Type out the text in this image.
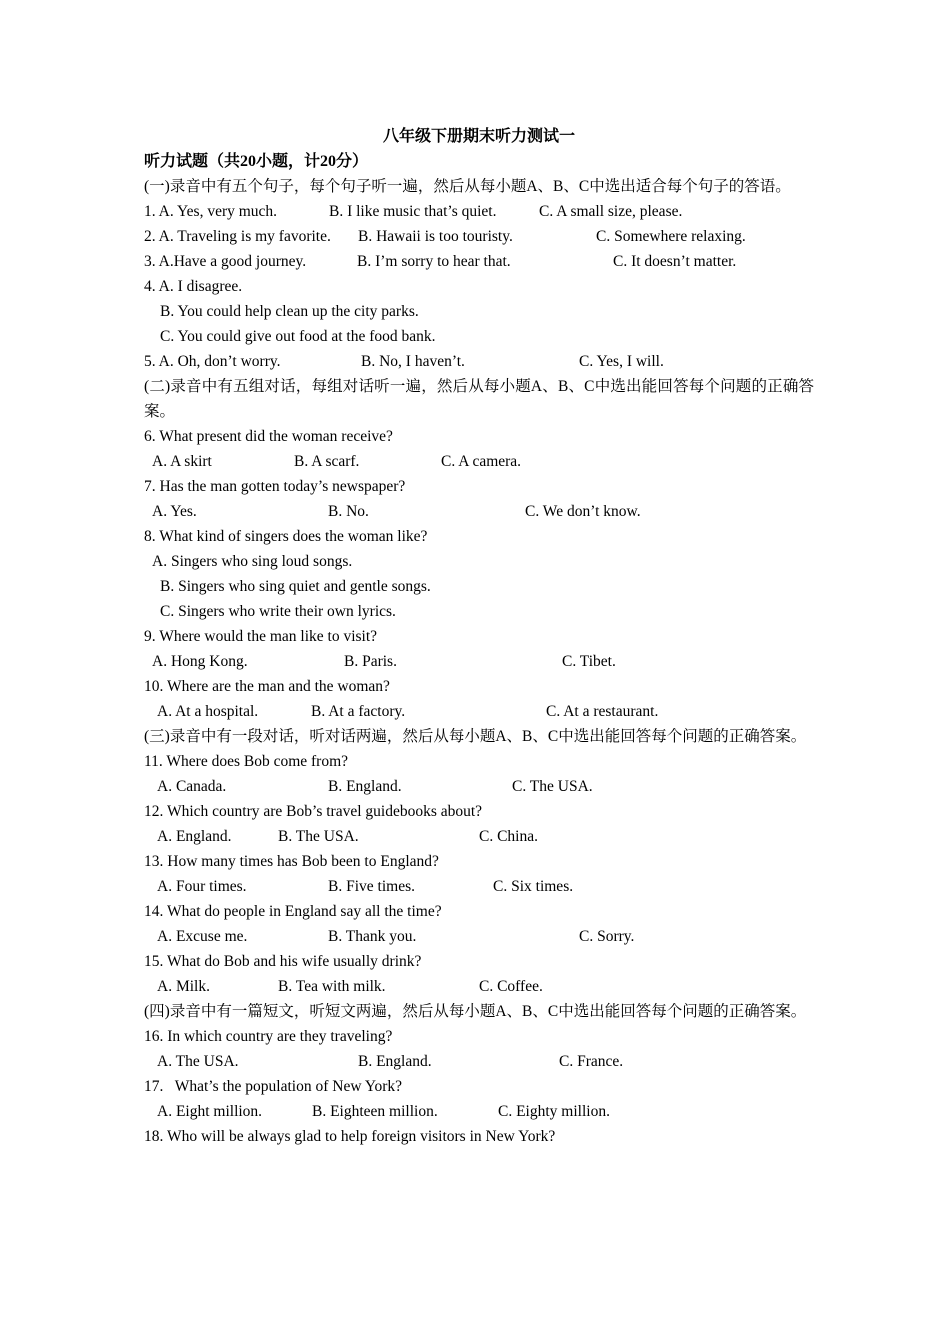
八年级下册期末听力测试一
听力试题（共20小题，计20分）
(一)录音中有五个句子，每个句子听一遍，然后从每小题A、B、C中选出适合每个句子的答语。
1. A. Yes, very much.	B. I like music that’s quiet.	C. A small size, please.
2. A. Traveling is my favorite.	B. Hawaii is too touristy.	C. Somewhere relaxing.
3. A.Have a good journey.	B. I’m sorry to hear that.	C. It doesn’t matter.
4. A. I disagree.
B. You could help clean up the city parks.
C. You could give out food at the food bank.
5. A. Oh, don’t worry.	B. No, I haven’t.	C. Yes, I will.
(二)录音中有五组对话，每组对话听一遍，然后从每小题A、B、C中选出能回答每个问题的正确答案。
6. What present did the woman receive?
A. A skirt	B. A scarf.	C. A camera.
7. Has the man gotten today’s newspaper?
A. Yes.	B. No.	C. We don’t know.
8. What kind of singers does the woman like?
A. Singers who sing loud songs.
B. Singers who sing quiet and gentle songs.
C. Singers who write their own lyrics.
9. Where would the man like to visit?
A. Hong Kong.	B. Paris.	C. Tibet.
10. Where are the man and the woman?
A. At a hospital.	B. At a factory.	C. At a restaurant.
(三)录音中有一段对话，听对话两遍，然后从每小题A、B、C中选出能回答每个问题的正确答案。
11. Where does Bob come from?
A. Canada.	B. England.	C. The USA.
12. Which country are Bob’s travel guidebooks about?
A. England.	B. The USA.	C. China.
13. How many times has Bob been to England?
A. Four times.	B. Five times.	C. Six times.
14. What do people in England say all the time?
A. Excuse me.	B. Thank you.	C. Sorry.
15. What do Bob and his wife usually drink?
A. Milk.	B. Tea with milk.	C. Coffee.
(四)录音中有一篇短文，听短文两遍，然后从每小题A、B、C中选出能回答每个问题的正确答案。
16. In which country are they traveling?
A. The USA.	B. England.	C. France.
17.   What’s the population of New York?
A. Eight million.	B. Eighteen million.	C. Eighty million.
18. Who will be always glad to help foreign visitors in New York?
